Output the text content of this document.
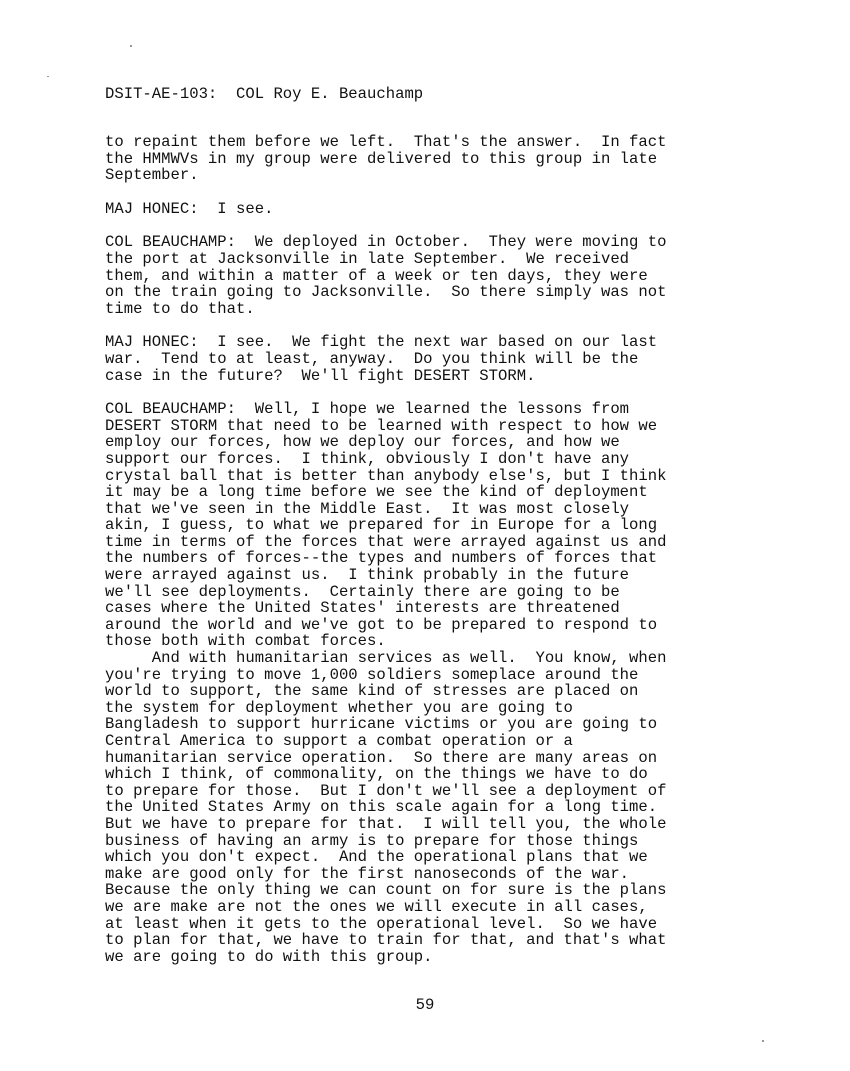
DSIT-AE-103:  COL Roy E. Beauchamp
to repaint them before we left.  That's the answer.  In fact
the HMMWVs in my group were delivered to this group in late
September.
MAJ HONEC:  I see.
COL BEAUCHAMP:  We deployed in October.  They were moving to
the port at Jacksonville in late September.  We received
them, and within a matter of a week or ten days, they were
on the train going to Jacksonville.  So there simply was not
time to do that.
MAJ HONEC:  I see.  We fight the next war based on our last
war.  Tend to at least, anyway.  Do you think will be the
case in the future?  We'll fight DESERT STORM.
COL BEAUCHAMP:  Well, I hope we learned the lessons from
DESERT STORM that need to be learned with respect to how we
employ our forces, how we deploy our forces, and how we
support our forces.  I think, obviously I don't have any
crystal ball that is better than anybody else's, but I think
it may be a long time before we see the kind of deployment
that we've seen in the Middle East.  It was most closely
akin, I guess, to what we prepared for in Europe for a long
time in terms of the forces that were arrayed against us and
the numbers of forces--the types and numbers of forces that
were arrayed against us.  I think probably in the future
we'll see deployments.  Certainly there are going to be
cases where the United States' interests are threatened
around the world and we've got to be prepared to respond to
those both with combat forces.
And with humanitarian services as well.  You know, when
you're trying to move 1,000 soldiers someplace around the
world to support, the same kind of stresses are placed on
the system for deployment whether you are going to
Bangladesh to support hurricane victims or you are going to
Central America to support a combat operation or a
humanitarian service operation.  So there are many areas on
which I think, of commonality, on the things we have to do
to prepare for those.  But I don't we'll see a deployment of
the United States Army on this scale again for a long time.
But we have to prepare for that.  I will tell you, the whole
business of having an army is to prepare for those things
which you don't expect.  And the operational plans that we
make are good only for the first nanoseconds of the war.
Because the only thing we can count on for sure is the plans
we are make are not the ones we will execute in all cases,
at least when it gets to the operational level.  So we have
to plan for that, we have to train for that, and that's what
we are going to do with this group.
59
